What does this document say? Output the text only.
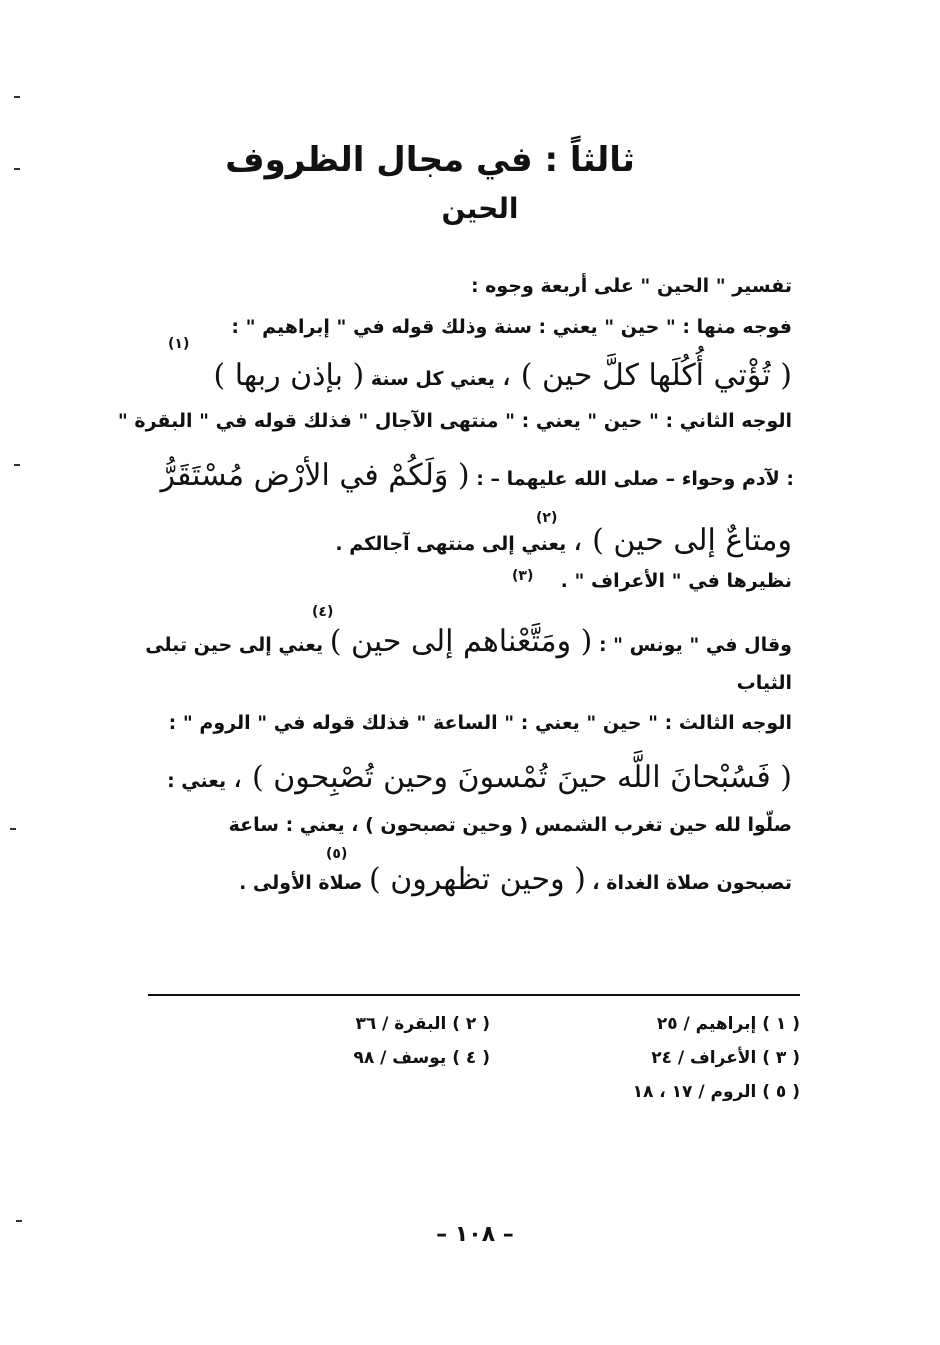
ثالثاً : في مجال الظروف
الحين
تفسير " الحين " على أربعة وجوه :
فوجه منها : " حين " يعني : سنة وذلك قوله في " إبراهيم " :
(١)
( تُؤْتي أُكُلَها كلَّ حين ) ، يعني كل سنة ( بإذن ربها )
الوجه الثاني : " حين " يعني : " منتهى الآجال " فذلك قوله في " البقرة "
: لآدم وحواء – صلى الله عليهما – : ( وَلَكُمْ في الأرْض مُسْتَقَرُّ
(٢)
ومتاعٌ إلى حين ) ، يعني إلى منتهى آجالكم .
نظيرها في " الأعراف " .
(٣)
(٤)
وقال في " يونس " : ( ومَتَّعْناهم إلى حين ) يعني إلى حين تبلى
الثياب
الوجه الثالث : " حين " يعني : " الساعة " فذلك قوله في " الروم " :
( فَسُبْحانَ اللَّه حينَ تُمْسونَ وحين تُصْبِحون ) ، يعني :
صلّوا لله حين تغرب الشمس ( وحين تصبحون ) ، يعني : ساعة
(٥)
تصبحون صلاة الغداة ، ( وحين تظهرون ) صلاة الأولى .
( ١ ) إبراهيم / ٢٥
( ٢ ) البقرة / ٣٦
( ٣ ) الأعراف / ٢٤
( ٤ ) يوسف / ٩٨
( ٥ ) الروم / ١٧ ، ١٨
– ١٠٨ –
